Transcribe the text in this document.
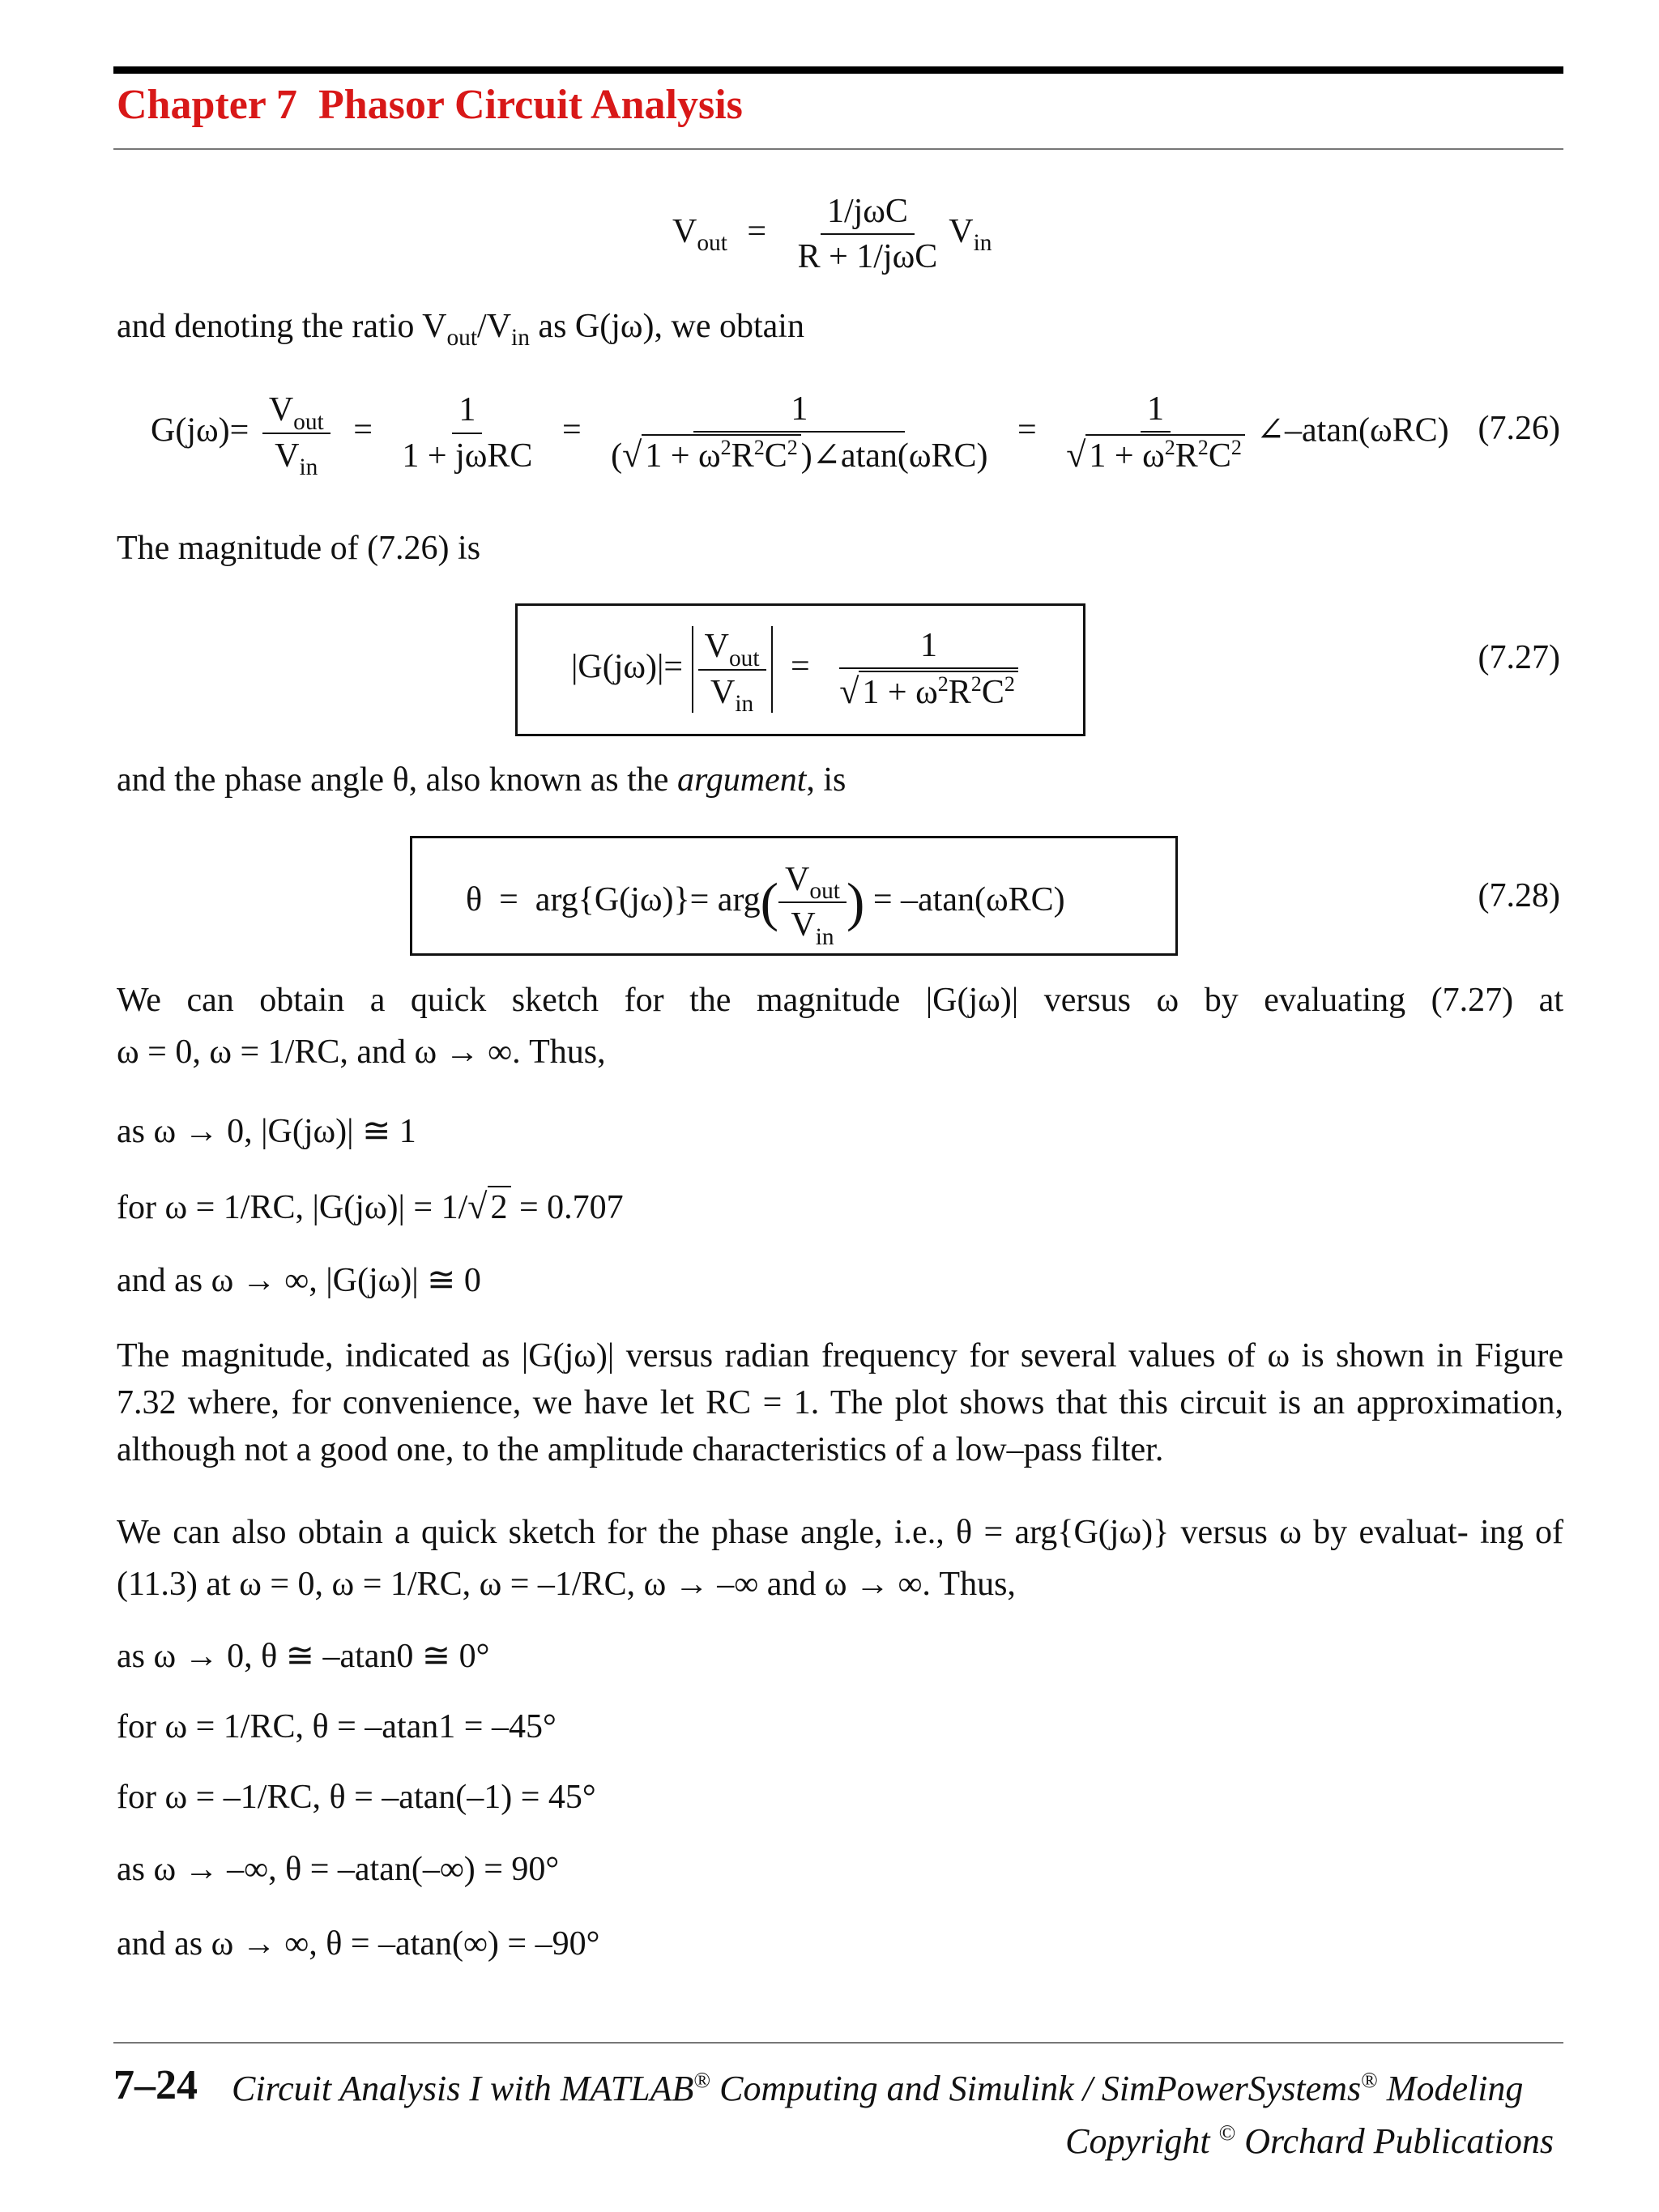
Chapter 7 Phasor Circuit Analysis
$V_{out} = \frac{\text{1/jωC}}{\text{R + 1/jωC}} V_{in}$
and denoting the ratio $V_{out}/V_{in}$ as G(jω), we obtain
$G(j\omega)= \frac{V_{out}}{V_{in}} = \frac{1}{\text{1 + jωRC}} = \frac{1}{(√1 + \omega^2R^2C^2)\angle atan(\omega RC)} = \frac{1}{√1 + \omega^2R^2C^2}$ ∠–atan(ωRC) (7.26)
The magnitude of (7.26) is
$|G(j\omega)|= \frac{V_{out}}{V_{in}} = \frac{1}{√1 + \omega^2R^2C^2}$	(7.27)
and the phase angle θ, also known as the argument, is
$\theta = arg\{G(j\omega)\}= arg( \frac{V_{out}}{V_{in}}$ ) = –atan(ωRC)	(7.28)
We can obtain a quick sketch for the magnitude |G(jω)| versus ω by evaluating (7.27) at
ω = 0, ω = 1/RC, and ω → ∞. Thus,
as ω → 0, |G(jω)| ≅ 1
for ω = 1/RC, |G(jω)| = 1/√2 = 0.707
and as ω → ∞, |G(jω)| ≅ 0
The magnitude, indicated as |G(jω)| versus radian frequency for several values of ω is shown in Figure 7.32 where, for convenience, we have let RC = 1. The plot shows that this circuit is an approximation, although not a good one, to the amplitude characteristics of a low–pass filter.
We can also obtain a quick sketch for the phase angle, i.e., θ = arg{G(jω)} versus ω by evaluat- ing of (11.3) at ω = 0, ω = 1/RC, ω = –1/RC, ω → –∞ and ω → ∞. Thus,
as ω → 0, θ ≅ –atan0 ≅ 0°
for ω = 1/RC, θ = –atan1 = –45°
for ω = –1/RC, θ = –atan(–1) = 45°
as ω → –∞, θ = –atan(–∞) = 90°
and as ω → ∞, θ = –atan(∞) = –90°
7–24 Circuit Analysis I with MATLAB® Computing and Simulink / SimPowerSystems® Modeling
Copyright © Orchard Publications
